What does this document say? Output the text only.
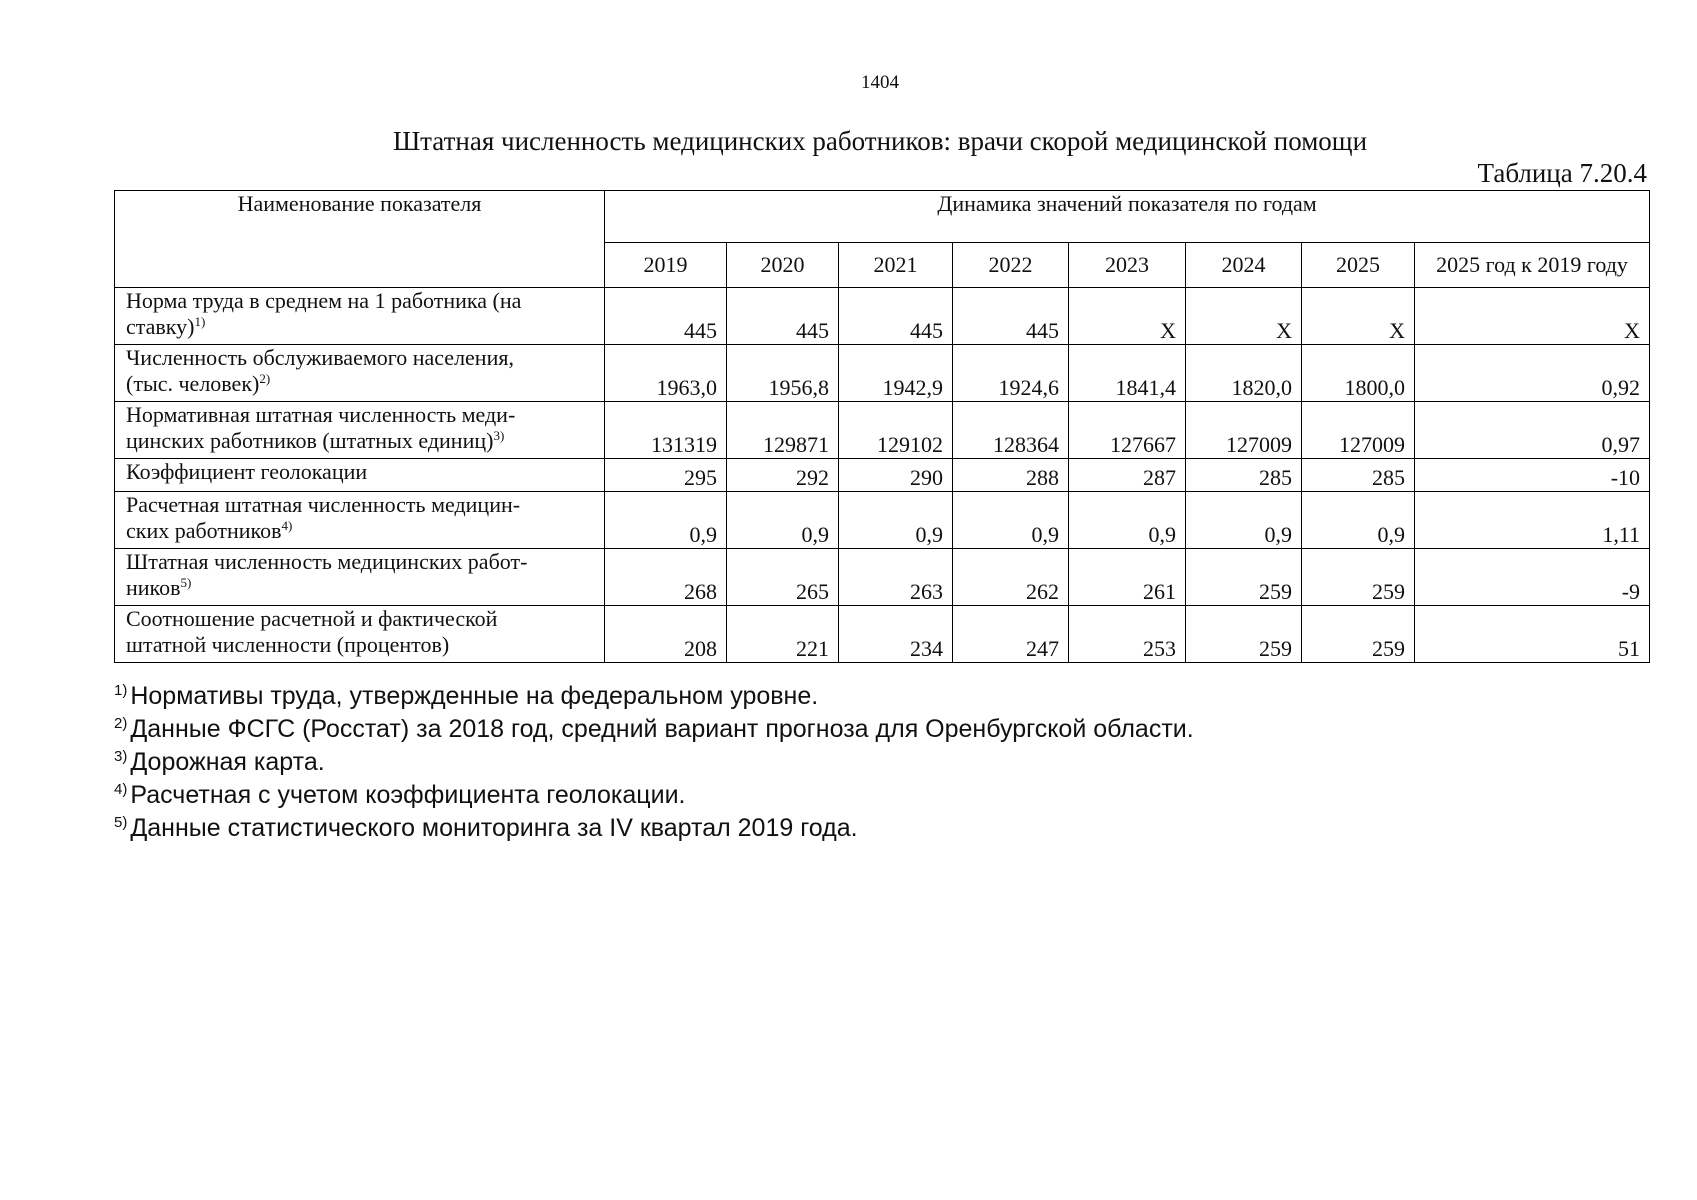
1404
Штатная численность медицинских работников: врачи скорой медицинской помощи
Таблица 7.20.4
Наименование показателя	Динамика значений показателя по годам							
	2019	2020	2021	2022	2023	2024	2025	2025 год к 2019 году
Норма труда в среднем на 1 работника (на
ставку)$^{1)}$	445	445	445	445	X	X	X	X
Численность обслуживаемого населения,
(тыс. человек)$^{2)}$	1963,0	1956,8	1942,9	1924,6	1841,4	1820,0	1800,0	0,92
Нормативная штатная численность меди-
цинских работников (штатных единиц)$^{3)}$	131319	129871	129102	128364	127667	127009	127009	0,97
Коэффициент геолокации	295	292	290	288	287	285	285	-10
Расчетная штатная численность медицин-
ских работников$^{4)}$	0,9	0,9	0,9	0,9	0,9	0,9	0,9	1,11
Штатная численность медицинских работ-
ников$^{5)}$	268	265	263	262	261	259	259	-9
Соотношение расчетной и фактической
штатной численности (процентов)	208	221	234	247	253	259	259	51
$^{1)}$ Нормативы труда, утвержденные на федеральном уровне.
$^{2)}$ Данные ФСГС (Росстат) за 2018 год, средний вариант прогноза для Оренбургской области.
$^{3)}$ Дорожная карта.
$^{4)}$ Расчетная с учетом коэффициента геолокации.
$^{5)}$ Данные статистического мониторинга за IV квартал 2019 года.
